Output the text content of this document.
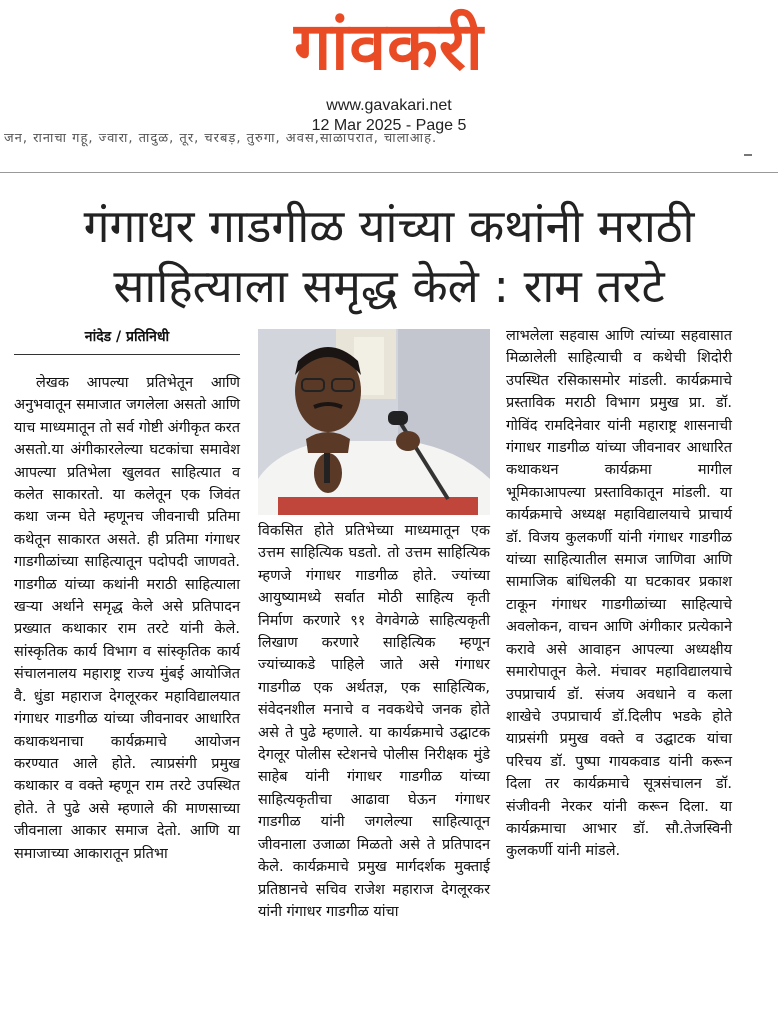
गांवकरी
www.gavakari.net
12 Mar 2025 - Page 5
जन, रानाचा गहू, ज्वारा, तादुळ, तूर, चरबड़, तुरुगा, अवस,साळापरात, चालाआह.
गंगाधर गाडगीळ यांच्या कथांनी मराठी
साहित्याला समृद्ध केले : राम तरटे
नांदेड / प्रतिनिधी

लेखक आपल्या प्रतिभेतून आणि अनुभवातून समाजात जगलेला असतो आणि याच माध्यमातून तो सर्व गोष्टी अंगीकृत करत असतो.या अंगीकारलेल्या घटकांचा समावेश आपल्या प्रतिभेला खुलवत साहित्यात व कलेत साकारतो. या कलेतून एक जिवंत कथा जन्म घेते म्हणूनच जीवनाची प्रतिमा कथेतून साकारत असते. ही प्रतिमा गंगाधर गाडगीळांच्या साहित्यातून पदोपदी जाणवते. गाडगीळ यांच्या कथांनी मराठी साहित्याला खऱ्या अर्थाने समृद्ध केले असे प्रतिपादन प्रख्यात कथाकार राम तरटे यांनी केले. सांस्कृतिक कार्य विभाग व सांस्कृतिक कार्य संचालनालय महाराष्ट्र राज्य मुंबई आयोजित वै. धुंडा महाराज देगलूरकर महाविद्यालयात गंगाधर गाडगीळ यांच्या जीवनावर आधारित कथाकथनाचा कार्यक्रमाचे आयोजन करण्यात आले होते. त्याप्रसंगी प्रमुख कथाकार व वक्ते म्हणून राम तरटे उपस्थित होते. ते पुढे असे म्हणाले की माणसाच्या जीवनाला आकार समाज देतो. आणि या समाजाच्या आकारातून प्रतिभा

विकसित होते प्रतिभेच्या माध्यमातून एक उत्तम साहित्यिक घडतो. तो उत्तम साहित्यिक म्हणजे गंगाधर गाडगीळ होते. ज्यांच्या आयुष्यामध्ये सर्वात मोठी साहित्य कृती निर्माण करणारे ९१ वेगवेगळे साहित्यकृती लिखाण करणारे साहित्यिक म्हणून ज्यांच्याकडे पाहिले जाते असे गंगाधर गाडगीळ एक अर्थतज्ञ, एक साहित्यिक, संवेदनशील मनाचे व नवकथेचे जनक होते असे ते पुढे म्हणाले. या कार्यक्रमाचे उद्घाटक देगलूर पोलीस स्टेशनचे पोलीस निरीक्षक मुंडे साहेब यांनी गंगाधर गाडगीळ यांच्या साहित्यकृतीचा आढावा घेऊन गंगाधर गाडगीळ यांनी जगलेल्या साहित्यातून जीवनाला उजाळा मिळतो असे ते प्रतिपादन केले. कार्यक्रमाचे प्रमुख मार्गदर्शक मुक्ताई प्रतिष्ठानचे सचिव राजेश महाराज देगलूरकर यांनी गंगाधर गाडगीळ यांचा

लाभलेला सहवास आणि त्यांच्या सहवासात मिळालेली साहित्याची व कथेची शिदोरी उपस्थित रसिकासमोर मांडली. कार्यक्रमाचे प्रस्ताविक मराठी विभाग प्रमुख प्रा. डॉ. गोविंद रामदिनेवार यांनी महाराष्ट्र शासनाची गंगाधर गाडगीळ यांच्या जीवनावर आधारित कथाकथन कार्यक्रमा मागील भूमिकाआपल्या प्रस्ताविकातून मांडली. या कार्यक्रमाचे अध्यक्ष महाविद्यालयाचे प्राचार्य डॉ. विजय कुलकर्णी यांनी गंगाधर गाडगीळ यांच्या साहित्यातील समाज जाणिवा आणि सामाजिक बांधिलकी या घटकावर प्रकाश टाकून गंगाधर गाडगीळांच्या साहित्याचे अवलोकन, वाचन आणि अंगीकार प्रत्येकाने करावे असे आवाहन आपल्या अध्यक्षीय समारोपातून केले. मंचावर महाविद्यालयाचे उपप्राचार्य डॉ. संजय अवधाने व कला शाखेचे उपप्राचार्य डॉ.दिलीप भडके होते याप्रसंगी प्रमुख वक्ते व उद्घाटक यांचा परिचय डॉ. पुष्पा गायकवाड यांनी करून दिला तर कार्यक्रमाचे सूत्रसंचालन डॉ. संजीवनी नेरकर यांनी करून दिला. या कार्यक्रमाचा आभार डॉ. सौ.तेजस्विनी कुलकर्णी यांनी मांडले.
